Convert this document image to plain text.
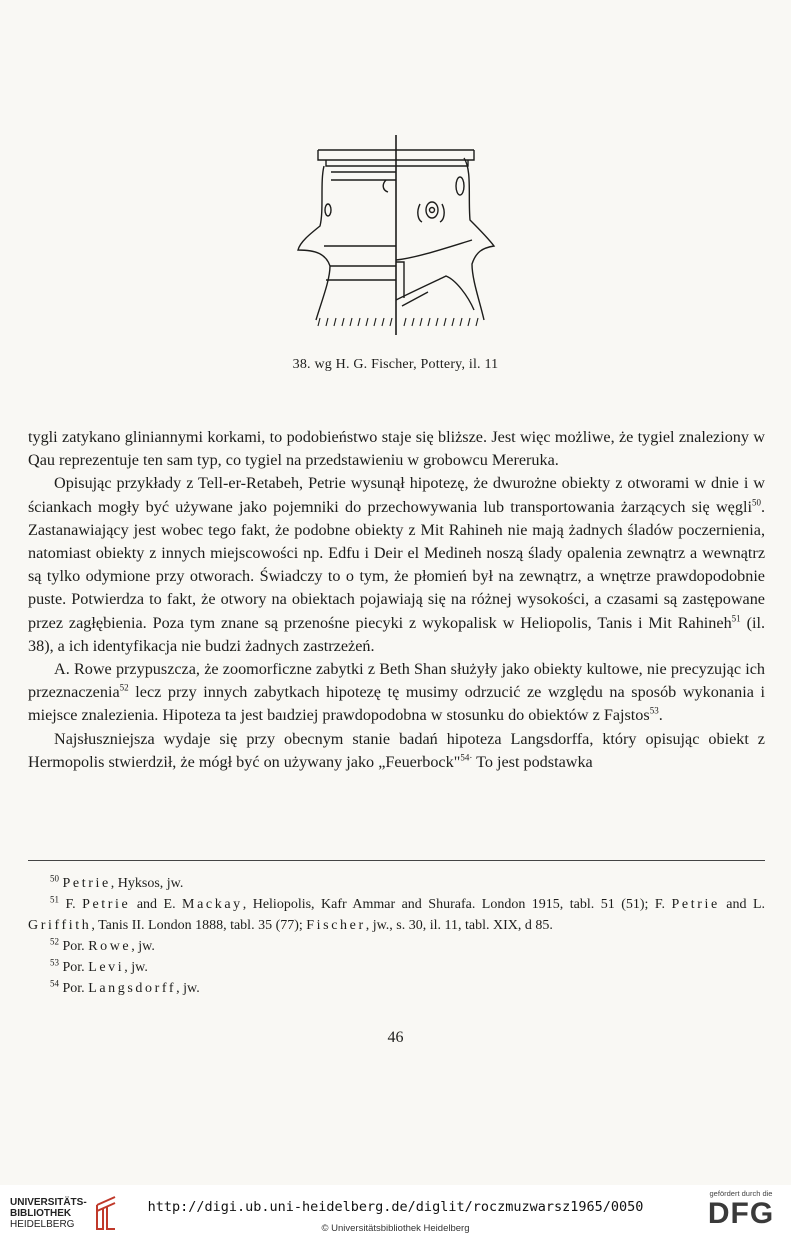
38. wg H. G. Fischer, Pottery, il. 11

tygli zatykano gliniannymi korkami, to podobieństwo staje się bliższe. Jest więc możliwe, że tygiel znaleziony w Qau reprezentuje ten sam typ, co tygiel na przedstawieniu w grobowcu Mereruka.

Opisując przykłady z Tell-er-Retabeh, Petrie wysunął hipotezę, że dwurożne obiekty z otworami w dnie i w ściankach mogły być używane jako pojemniki do przechowywania lub transportowania żarzących się węgli$^{50}$. Zastanawiający jest wobec tego fakt, że podobne obiekty z Mit Rahineh nie mają żadnych śladów poczernienia, natomiast obiekty z innych miejscowości np. Edfu i Deir el Medineh noszą ślady opalenia zewnątrz a wewnątrz są tylko odymione przy otworach. Świadczy to o tym, że płomień był na zewnątrz, a wnętrze prawdopodobnie puste. Potwierdza to fakt, że otwory na obiektach pojawiają się na różnej wysokości, a czasami są zastępowane przez zagłębienia. Poza tym znane są przenośne piecyki z wykopalisk w Heliopolis, Tanis i Mit Rahineh$^{51}$ (il. 38), a ich identyfikacja nie budzi żadnych zastrzeżeń.

A. Rowe przypuszcza, że zoomorficzne zabytki z Beth Shan służyły jako obiekty kultowe, nie precyzując ich przeznaczenia$^{52}$ lecz przy innych zabytkach hipotezę tę musimy odrzucić ze względu na sposób wykonania i miejsce znalezienia. Hipoteza ta jest baıdziej prawdopodobna w stosunku do obiektów z Fajstos$^{53}$.

Najsłuszniejsza wydaje się przy obecnym stanie badań hipoteza Langsdorffa, który opisując obiekt z Hermopolis stwierdził, że mógł być on używany jako „Feuerbock"$^{54\cdot}$ To jest podstawka

$^{50}$ Petrie, Hyksos, jw.

$^{51}$ F. Petrie and E. Mackay, Heliopolis, Kafr Ammar and Shurafa. London 1915, tabl. 51 (51); F. Petrie and L. Griffith, Tanis II. London 1888, tabl. 35 (77); Fischer, jw., s. 30, il. 11, tabl. XIX, d 85.

$^{52}$ Por. Rowe, jw.

$^{53}$ Por. Levi, jw.

$^{54}$ Por. Langsdorff, jw.

46
UNIVERSITÄTS-
BIBLIOTHEK
HEIDELBERG
http://digi.ub.uni-heidelberg.de/diglit/roczmuzwarsz1965/0050
© Universitätsbibliothek Heidelberg
gefördert durch die
DFG
